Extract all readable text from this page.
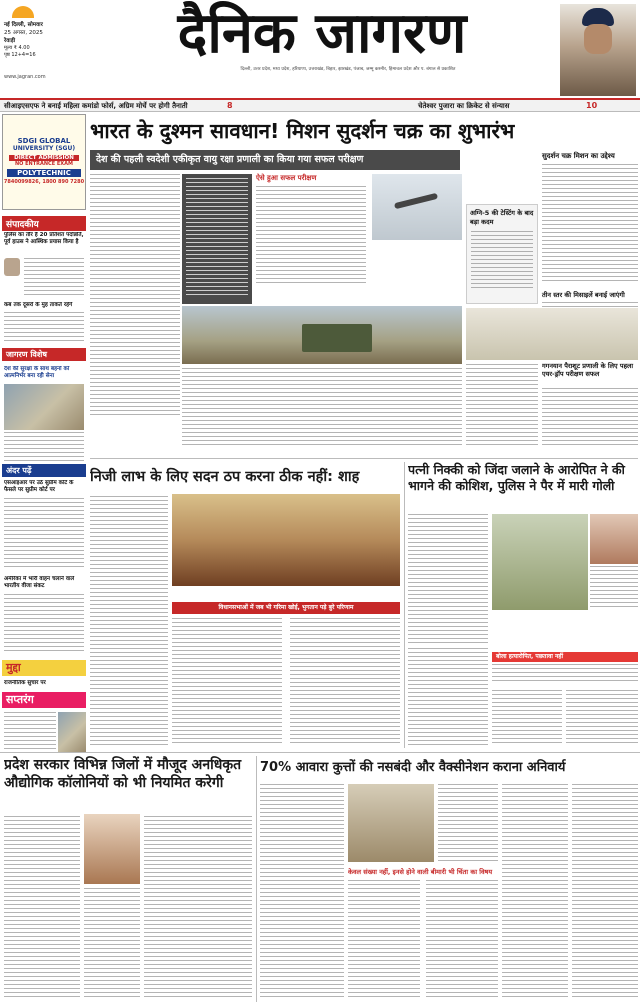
नई दिल्ली, सोमवार
25 अगस्त, 2025
रेवाड़ी
मूल्य ₹ 4.00
पृष्ठ 12+4=16	दैनिक जागरण
दिल्ली, उत्तर प्रदेश, मध्य प्रदेश, हरियाणा, उत्तराखंड, बिहार, झारखंड, पंजाब, जम्मू कश्मीर, हिमाचल प्रदेश और प. बंगाल से प्रकाशित
www.jagran.com
सीआइएसएफ ने बनाई महिला कमांडो फोर्स, अग्रिम मोर्चे पर होगी तैनाती	8	चेतेश्वर पुजारा का क्रिकेट से संन्यास	10
SDGI GLOBAL
UNIVERSITY (SGU)
DIRECT ADMISSION
NO ENTRANCE EXAM
POLYTECHNIC
7840099826, 1800 890 7280
संपादकीय
पुलिस का तौर है 20 प्रतिशत पदोन्नति, पूर्व हाउस ने आस्थिक प्रयास किया है
कब तक दूसरों के मुंह ताकते रहेंगे
जागरण विशेष
देश की सुरक्षा के साथ बहनों को आत्मनिर्भर बना रही सेना
अंदर पढ़ें
एसआइआर पर उठे सुप्रीम कोर्ट के फैसले पर सुप्रीम कोर्ट पर
अमेरिका में भारी वाहन चलाने वाले भारतीय वीजा संकट
मुद्दा
राजनीतिक सुचार पर
सप्तरंग
भारत के दुश्मन सावधान! मिशन सुदर्शन चक्र का शुभारंभ
देश की पहली स्वदेशी एकीकृत वायु रक्षा प्रणाली का किया गया सफल परीक्षण
ऐसे हुआ सफल परीक्षण
अग्नि-5 की टेस्टिंग के बाद बड़ा कदम
सुदर्शन चक्र मिशन का उद्देश्य
तीन स्तर की मिसाइलें बनाई जाएंगी
गगनयान पैराशूट प्रणाली के लिए पहला एयर-ड्रॉप परीक्षण सफल
निजी लाभ के लिए सदन ठप करना ठीक नहीं: शाह
विधानसभाओं में जब भी गरिमा खोई, भुगतान पड़े बुरे परिणाम
पत्नी निक्की को जिंदा जलाने के आरोपित ने की भागने की कोशिश, पुलिस ने पैर में मारी गोली
बोला हत्यारोपित, पछतावा नहीं
प्रदेश सरकार विभिन्न जिलों में मौजूद अनधिकृत औद्योगिक कॉलोनियों को भी नियमित करेगी
70% आवारा कुत्तों की नसबंदी और वैक्सीनेशन कराना अनिवार्य
केवल संख्या नहीं, इनसे होने वाली बीमारी भी चिंता का विषय
